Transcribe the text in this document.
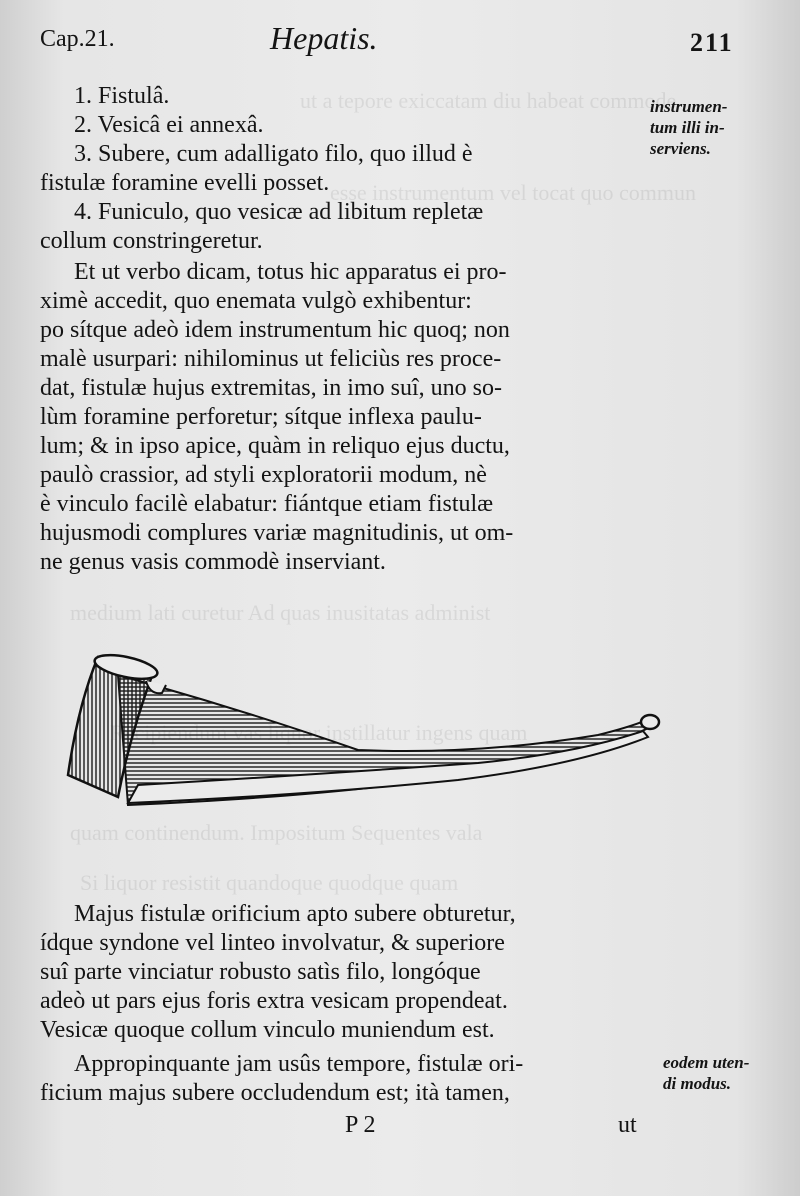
ut a tepore exiccatam diu habeat commode
esse instrumentum vel tocat quo commun
medium lati curetur Ad quas inusitatas administ
Recipiendum vas liquor instillatur ingens quam
quam continendum. Impositum Sequentes vala
Si liquor resistit quandoque quodque quam
Cap.21.	Hepatis.	211
1. Fistulâ.
2. Vesicâ ei annexâ.
3. Subere, cum adalligato filo, quo illud è
fistulæ foramine evelli posset.
4. Funiculo, quo vesicæ ad libitum repletæ
collum constringeretur.
instrumen-
tum illi in-
serviens.
Et ut verbo dicam, totus hic apparatus ei pro-
ximè accedit, quo enemata vulgò exhibentur:
po sítque adeò idem instrumentum hic quoq; non
malè usurpari: nihilominus ut feliciùs res proce-
dat, fistulæ hujus extremitas, in imo suî, uno so-
lùm foramine perforetur; sítque inflexa paulu-
lum; & in ipso apice, quàm in reliquo ejus ductu,
paulò crassior, ad styli exploratorii modum, nè
è vinculo facilè elabatur: fiántque etiam fistulæ
hujusmodi complures variæ magnitudinis, ut om-
ne genus vasis commodè inserviant.
Majus fistulæ orificium apto subere obturetur,
ídque syndone vel linteo involvatur, & superiore
suî parte vinciatur robusto satìs filo, longóque
adeò ut pars ejus foris extra vesicam propendeat.
Vesicæ quoque collum vinculo muniendum est.
Appropinquante jam usûs tempore, fistulæ ori-
ficium majus subere occludendum est; ità tamen,
eodem uten-
di modus.
P 2	ut
